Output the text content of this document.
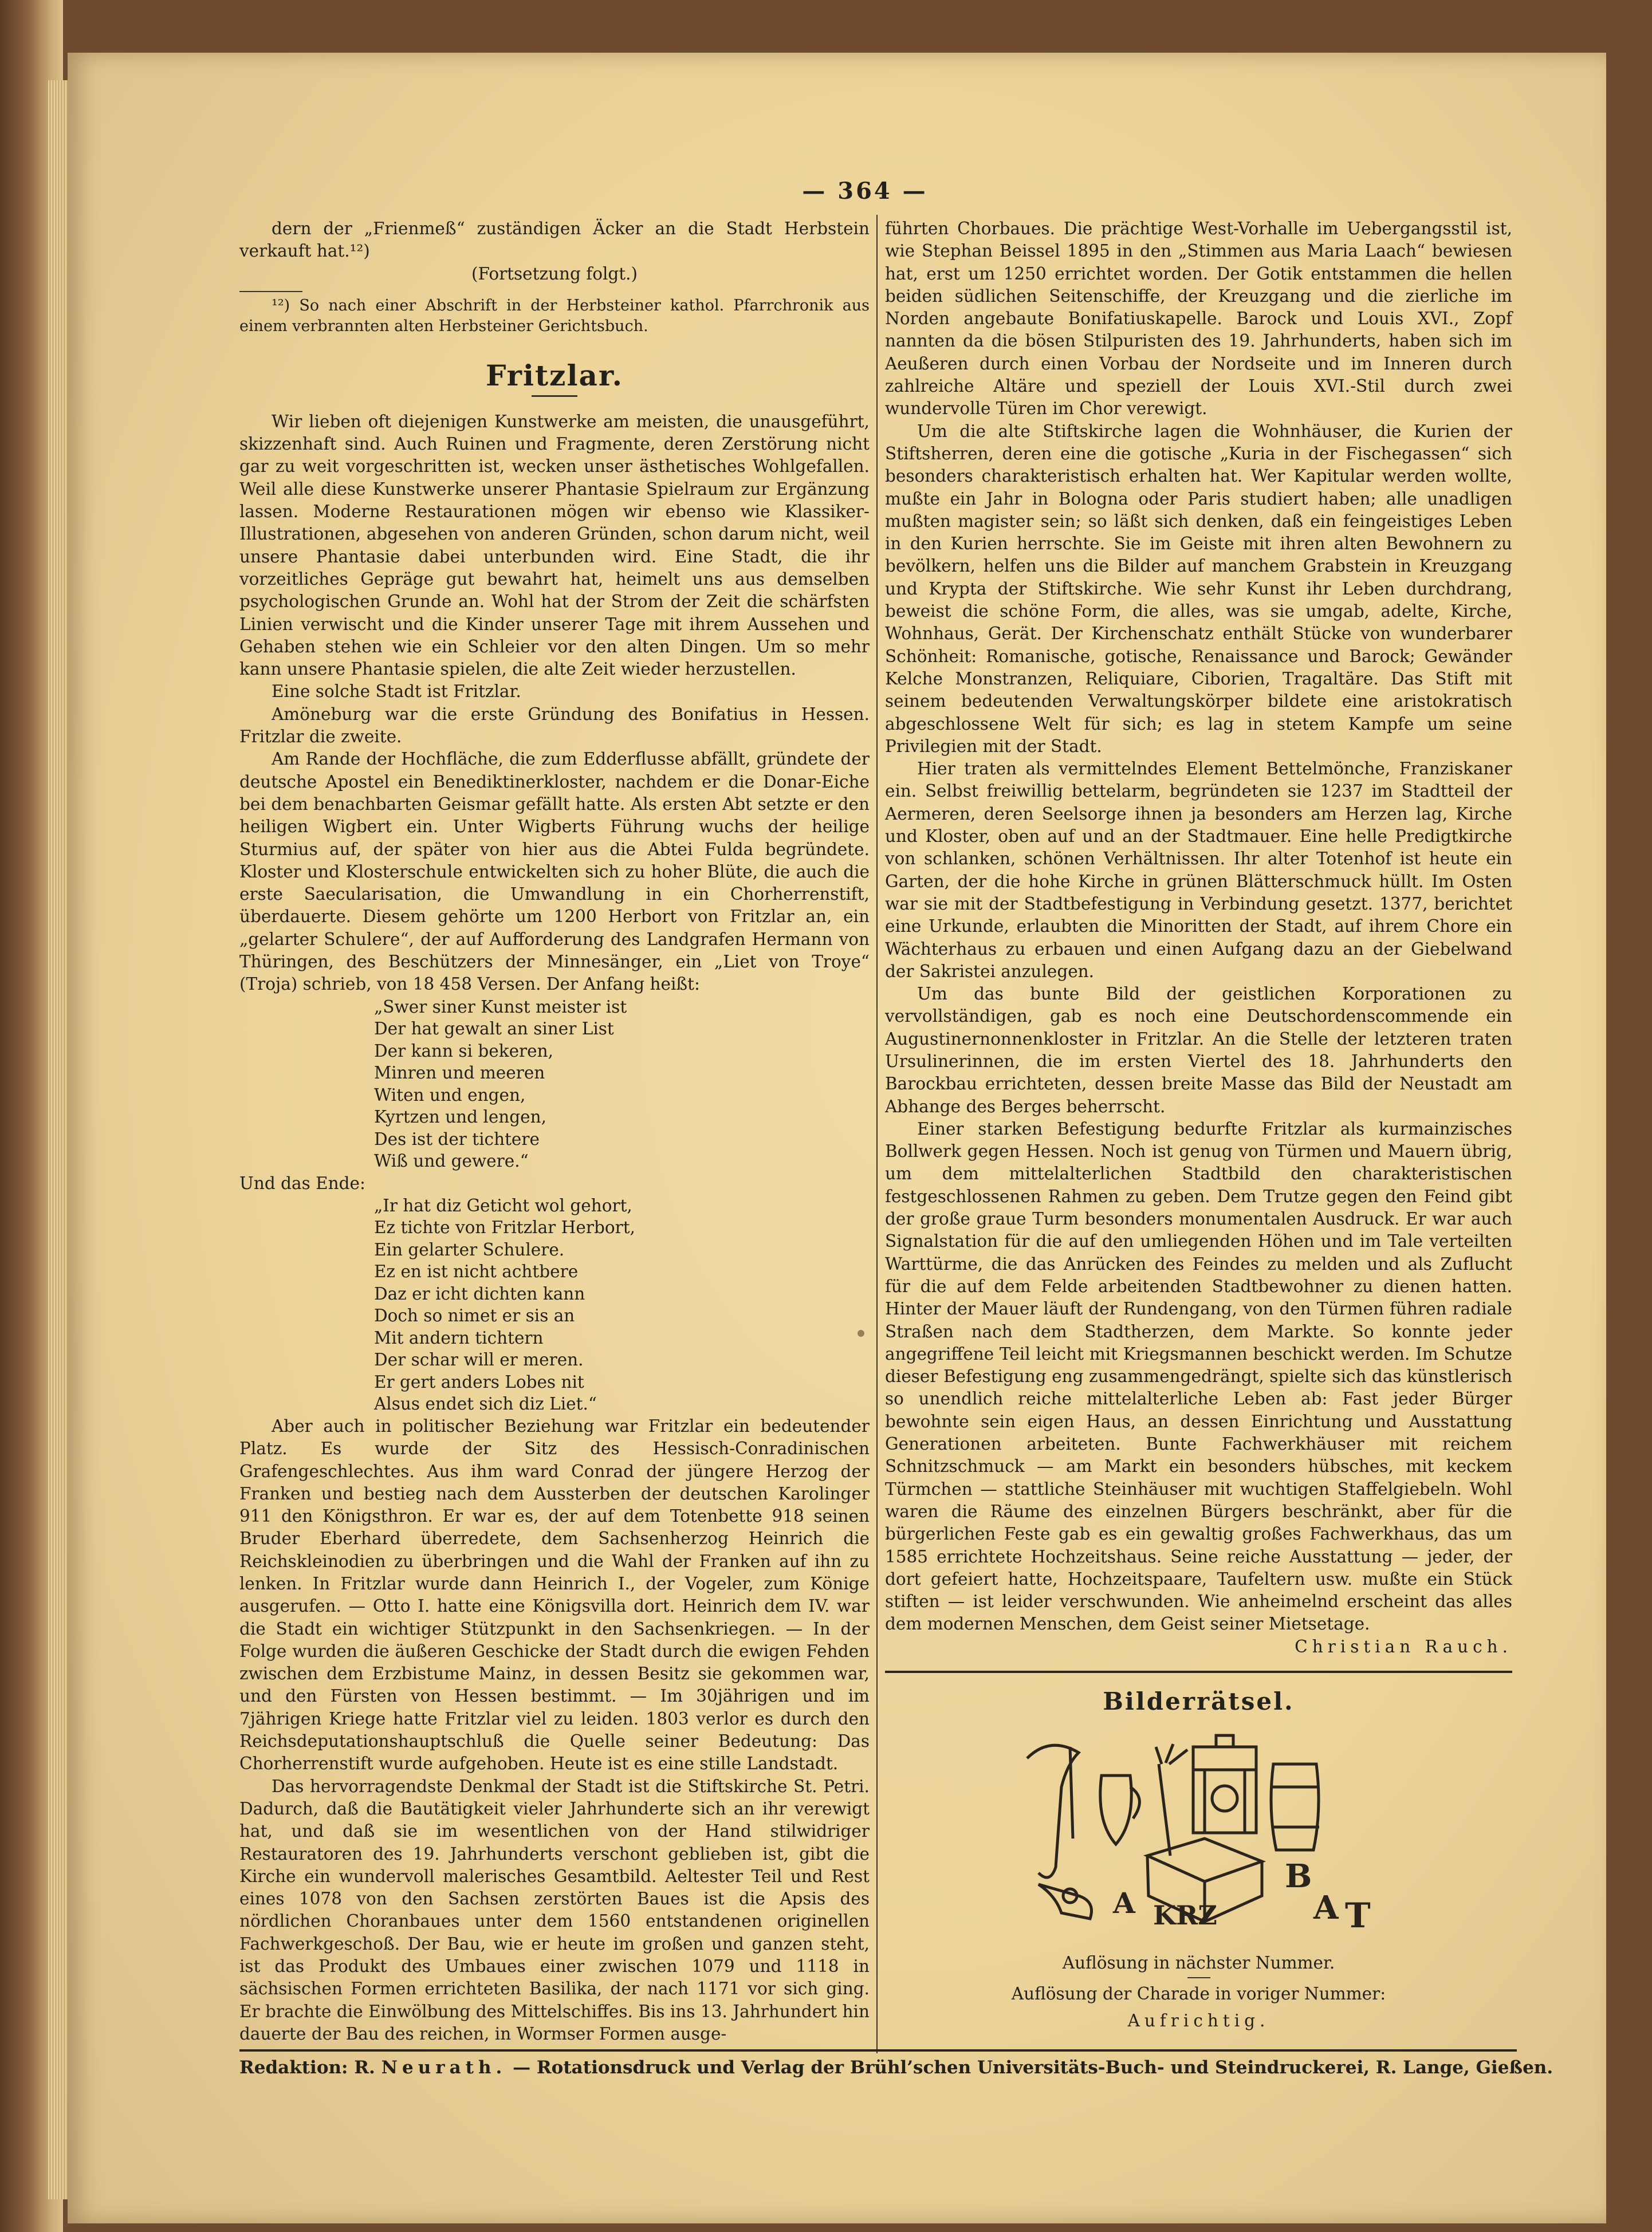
— 364 —

dern der „Frienmeß“ zuständigen Äcker an die Stadt Herbstein verkauft hat.¹²)

(Fortsetzung folgt.)

¹²) So nach einer Abschrift in der Herbsteiner kathol. Pfarrchronik aus einem verbrannten alten Herbsteiner Gerichtsbuch.

Fritzlar.

Wir lieben oft diejenigen Kunstwerke am meisten, die unausgeführt, skizzenhaft sind. Auch Ruinen und Fragmente, deren Zerstörung nicht gar zu weit vorgeschritten ist, wecken unser ästhetisches Wohlgefallen. Weil alle diese Kunstwerke unserer Phantasie Spielraum zur Ergänzung lassen. Moderne Restaurationen mögen wir ebenso wie Klassiker-Illustrationen, abgesehen von anderen Gründen, schon darum nicht, weil unsere Phantasie dabei unterbunden wird. Eine Stadt, die ihr vorzeitliches Gepräge gut bewahrt hat, heimelt uns aus demselben psychologischen Grunde an. Wohl hat der Strom der Zeit die schärfsten Linien verwischt und die Kinder unserer Tage mit ihrem Aussehen und Gehaben stehen wie ein Schleier vor den alten Dingen. Um so mehr kann unsere Phantasie spielen, die alte Zeit wieder herzustellen.

Eine solche Stadt ist Fritzlar.

Amöneburg war die erste Gründung des Bonifatius in Hessen. Fritzlar die zweite.

Am Rande der Hochfläche, die zum Edderflusse abfällt, gründete der deutsche Apostel ein Benediktinerkloster, nachdem er die Donar-Eiche bei dem benachbarten Geismar gefällt hatte. Als ersten Abt setzte er den heiligen Wigbert ein. Unter Wigberts Führung wuchs der heilige Sturmius auf, der später von hier aus die Abtei Fulda begründete. Kloster und Klosterschule entwickelten sich zu hoher Blüte, die auch die erste Saecularisation, die Umwandlung in ein Chorherrenstift, überdauerte. Diesem gehörte um 1200 Herbort von Fritzlar an, ein „gelarter Schulere“, der auf Aufforderung des Landgrafen Hermann von Thüringen, des Beschützers der Minnesänger, ein „Liet von Troye“ (Troja) schrieb, von 18 458 Versen. Der Anfang heißt:

„Swer siner Kunst meister ist
Der hat gewalt an siner List
Der kann si bekeren,
Minren und meeren
Witen und engen,
Kyrtzen und lengen,
Des ist der tichtere
Wiß und gewere.“

Und das Ende:

„Ir hat diz Geticht wol gehort,
Ez tichte von Fritzlar Herbort,
Ein gelarter Schulere.
Ez en ist nicht achtbere
Daz er icht dichten kann
Doch so nimet er sis an
Mit andern tichtern
Der schar will er meren.
Er gert anders Lobes nit
Alsus endet sich diz Liet.“

Aber auch in politischer Beziehung war Fritzlar ein bedeutender Platz. Es wurde der Sitz des Hessisch-Conradinischen Grafengeschlechtes. Aus ihm ward Conrad der jüngere Herzog der Franken und bestieg nach dem Aussterben der deutschen Karolinger 911 den Königsthron. Er war es, der auf dem Totenbette 918 seinen Bruder Eberhard überredete, dem Sachsenherzog Heinrich die Reichskleinodien zu überbringen und die Wahl der Franken auf ihn zu lenken. In Fritzlar wurde dann Heinrich I., der Vogeler, zum Könige ausgerufen. — Otto I. hatte eine Königsvilla dort. Heinrich dem IV. war die Stadt ein wichtiger Stützpunkt in den Sachsenkriegen. — In der Folge wurden die äußeren Geschicke der Stadt durch die ewigen Fehden zwischen dem Erzbistume Mainz, in dessen Besitz sie gekommen war, und den Fürsten von Hessen bestimmt. — Im 30jährigen und im 7jährigen Kriege hatte Fritzlar viel zu leiden. 1803 verlor es durch den Reichsdeputationshauptschluß die Quelle seiner Bedeutung: Das Chorherrenstift wurde aufgehoben. Heute ist es eine stille Landstadt.

Das hervorragendste Denkmal der Stadt ist die Stiftskirche St. Petri. Dadurch, daß die Bautätigkeit vieler Jahrhunderte sich an ihr verewigt hat, und daß sie im wesentlichen von der Hand stilwidriger Restauratoren des 19. Jahrhunderts verschont geblieben ist, gibt die Kirche ein wundervoll malerisches Gesamtbild. Aeltester Teil und Rest eines 1078 von den Sachsen zerstörten Baues ist die Apsis des nördlichen Choranbaues unter dem 1560 entstandenen originellen Fachwerkgeschoß. Der Bau, wie er heute im großen und ganzen steht, ist das Produkt des Umbaues einer zwischen 1079 und 1118 in sächsischen Formen errichteten Basilika, der nach 1171 vor sich ging. Er brachte die Einwölbung des Mittelschiffes. Bis ins 13. Jahrhundert hin dauerte der Bau des reichen, in Wormser Formen ausge-

führten Chorbaues. Die prächtige West-Vorhalle im Uebergangsstil ist, wie Stephan Beissel 1895 in den „Stimmen aus Maria Laach“ bewiesen hat, erst um 1250 errichtet worden. Der Gotik entstammen die hellen beiden südlichen Seitenschiffe, der Kreuzgang und die zierliche im Norden angebaute Bonifatiuskapelle. Barock und Louis XVI., Zopf nannten da die bösen Stilpuristen des 19. Jahrhunderts, haben sich im Aeußeren durch einen Vorbau der Nordseite und im Inneren durch zahlreiche Altäre und speziell der Louis XVI.-Stil durch zwei wundervolle Türen im Chor verewigt.

Um die alte Stiftskirche lagen die Wohnhäuser, die Kurien der Stiftsherren, deren eine die gotische „Kuria in der Fischegassen“ sich besonders charakteristisch erhalten hat. Wer Kapitular werden wollte, mußte ein Jahr in Bologna oder Paris studiert haben; alle unadligen mußten magister sein; so läßt sich denken, daß ein feingeistiges Leben in den Kurien herrschte. Sie im Geiste mit ihren alten Bewohnern zu bevölkern, helfen uns die Bilder auf manchem Grabstein in Kreuzgang und Krypta der Stiftskirche. Wie sehr Kunst ihr Leben durchdrang, beweist die schöne Form, die alles, was sie umgab, adelte, Kirche, Wohnhaus, Gerät. Der Kirchenschatz enthält Stücke von wunderbarer Schönheit: Romanische, gotische, Renaissance und Barock; Gewänder Kelche Monstranzen, Reliquiare, Ciborien, Tragaltäre. Das Stift mit seinem bedeutenden Verwaltungskörper bildete eine aristokratisch abgeschlossene Welt für sich; es lag in stetem Kampfe um seine Privilegien mit der Stadt.

Hier traten als vermittelndes Element Bettelmönche, Franziskaner ein. Selbst freiwillig bettelarm, begründeten sie 1237 im Stadtteil der Aermeren, deren Seelsorge ihnen ja besonders am Herzen lag, Kirche und Kloster, oben auf und an der Stadtmauer. Eine helle Predigtkirche von schlanken, schönen Verhältnissen. Ihr alter Totenhof ist heute ein Garten, der die hohe Kirche in grünen Blätterschmuck hüllt. Im Osten war sie mit der Stadtbefestigung in Verbindung gesetzt. 1377, berichtet eine Urkunde, erlaubten die Minoritten der Stadt, auf ihrem Chore ein Wächterhaus zu erbauen und einen Aufgang dazu an der Giebelwand der Sakristei anzulegen.

Um das bunte Bild der geistlichen Korporationen zu vervollständigen, gab es noch eine Deutschordenscommende ein Augustinernonnenkloster in Fritzlar. An die Stelle der letzteren traten Ursulinerinnen, die im ersten Viertel des 18. Jahrhunderts den Barockbau errichteten, dessen breite Masse das Bild der Neustadt am Abhange des Berges beherrscht.

Einer starken Befestigung bedurfte Fritzlar als kurmainzisches Bollwerk gegen Hessen. Noch ist genug von Türmen und Mauern übrig, um dem mittelalterlichen Stadtbild den charakteristischen festgeschlossenen Rahmen zu geben. Dem Trutze gegen den Feind gibt der große graue Turm besonders monumentalen Ausdruck. Er war auch Signalstation für die auf den umliegenden Höhen und im Tale verteilten Warttürme, die das Anrücken des Feindes zu melden und als Zuflucht für die auf dem Felde arbeitenden Stadtbewohner zu dienen hatten. Hinter der Mauer läuft der Rundengang, von den Türmen führen radiale Straßen nach dem Stadtherzen, dem Markte. So konnte jeder angegriffene Teil leicht mit Kriegsmannen beschickt werden. Im Schutze dieser Befestigung eng zusammengedrängt, spielte sich das künstlerisch so unendlich reiche mittelalterliche Leben ab: Fast jeder Bürger bewohnte sein eigen Haus, an dessen Einrichtung und Ausstattung Generationen arbeiteten. Bunte Fachwerkhäuser mit reichem Schnitzschmuck — am Markt ein besonders hübsches, mit keckem Türmchen — stattliche Steinhäuser mit wuchtigen Staffelgiebeln. Wohl waren die Räume des einzelnen Bürgers beschränkt, aber für die bürgerlichen Feste gab es ein gewaltig großes Fachwerkhaus, das um 1585 errichtete Hochzeitshaus. Seine reiche Ausstattung — jeder, der dort gefeiert hatte, Hochzeitspaare, Taufeltern usw. mußte ein Stück stiften — ist leider verschwunden. Wie anheimelnd erscheint das alles dem modernen Menschen, dem Geist seiner Mietsetage.

Christian Rauch.
Bilderrätsel.
B
A KRZ	A T
Auflösung in nächster Nummer.
Auflösung der Charade in voriger Nummer:
Aufrichtig.
Redaktion: R. Neurath. — Rotationsdruck und Verlag der Brühl’schen Universitäts-Buch- und Steindruckerei, R. Lange, Gießen.
